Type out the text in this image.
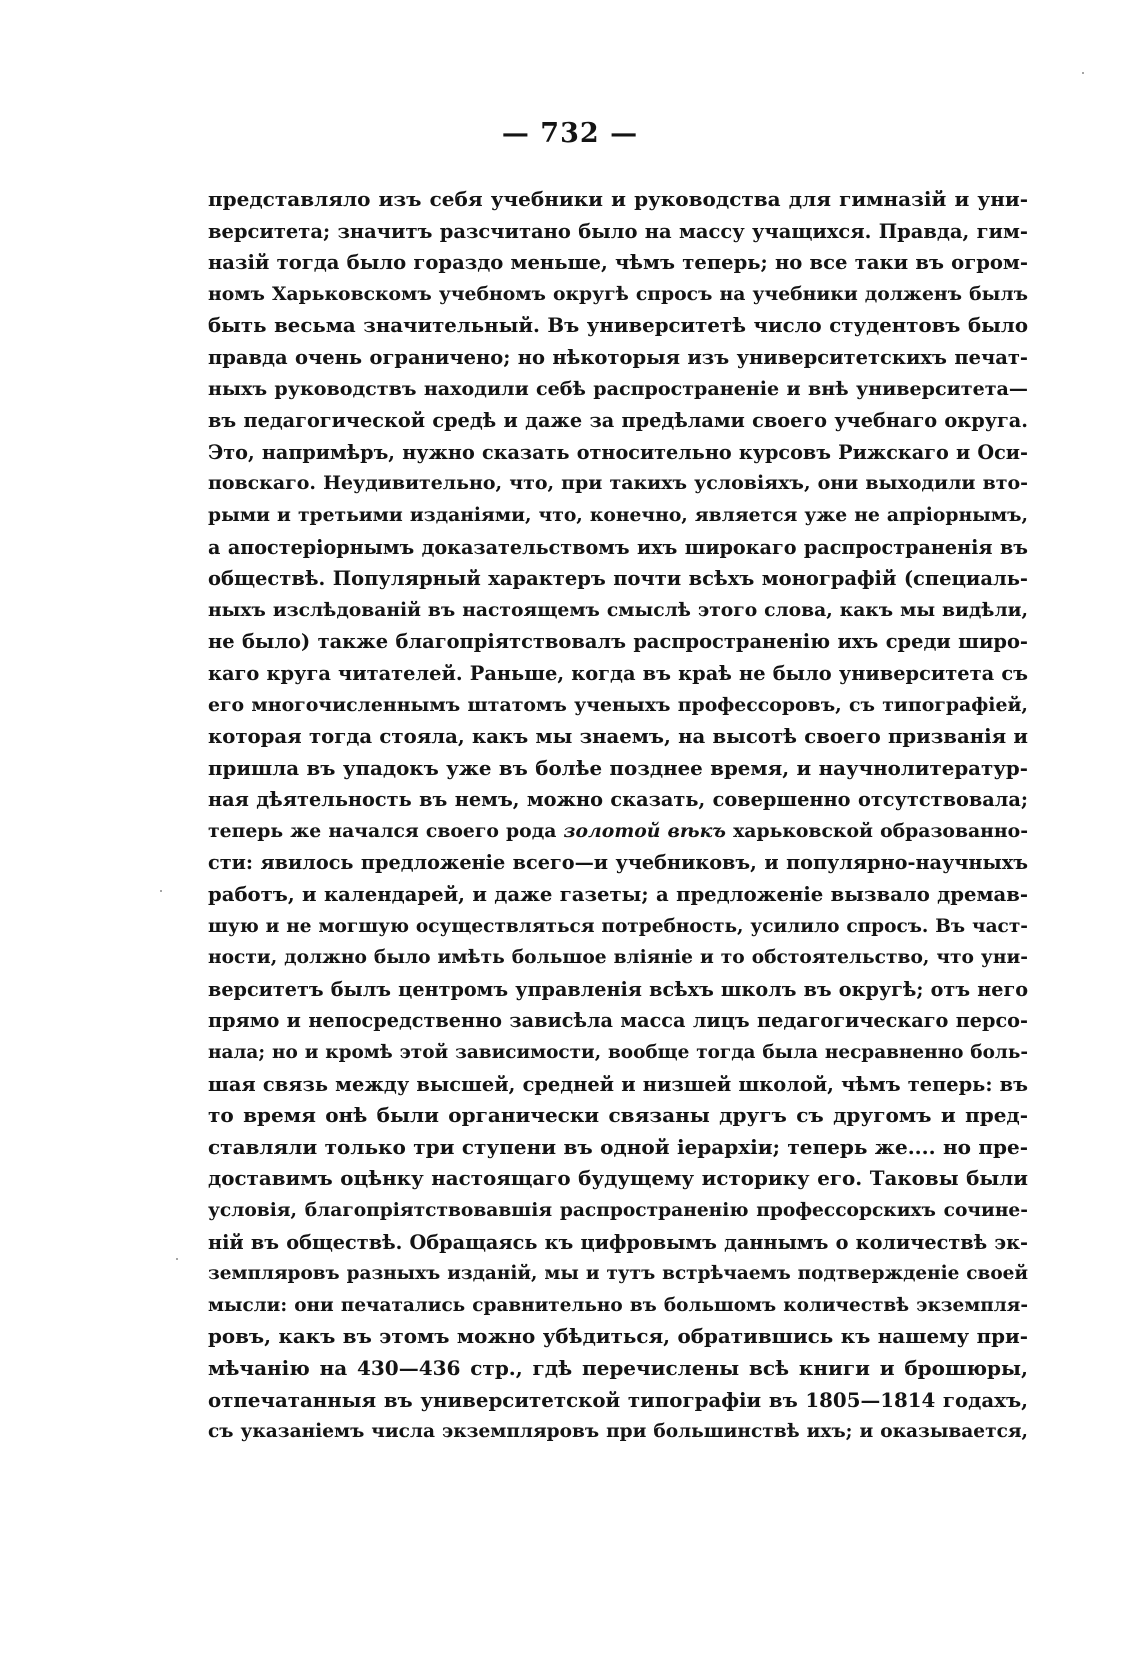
— 732 —
представляло изъ себя учебники и руководства для гимназій и уни-
верситета; значитъ разсчитано было на массу учащихся. Правда, гим-
назій тогда было гораздо меньше, чѣмъ теперь; но все таки въ огром-
номъ Харьковскомъ учебномъ округѣ спросъ на учебники долженъ былъ
быть весьма значительный. Въ университетѣ число студентовъ было
правда очень ограничено; но нѣкоторыя изъ университетскихъ печат-
ныхъ руководствъ находили себѣ распространеніе и внѣ университета—
въ педагогической средѣ и даже за предѣлами своего учебнаго округа.
Это, напримѣръ, нужно сказать относительно курсовъ Рижскаго и Оси-
повскаго. Неудивительно, что, при такихъ условіяхъ, они выходили вто-
рыми и третьими изданіями, что, конечно, является уже не апріорнымъ,
а апостеріорнымъ доказательствомъ ихъ широкаго распространенія въ
обществѣ. Популярный характеръ почти всѣхъ монографій (специаль-
ныхъ изслѣдованій въ настоящемъ смыслѣ этого слова, какъ мы видѣли,
не было) также благопріятствовалъ распространенію ихъ среди широ-
каго круга читателей. Раньше, когда въ краѣ не было университета съ
его многочисленнымъ штатомъ ученыхъ профессоровъ, съ типографіей,
которая тогда стояла, какъ мы знаемъ, на высотѣ своего призванія и
пришла въ упадокъ уже въ болѣе позднее время, и научнолитератур-
ная дѣятельность въ немъ, можно сказать, совершенно отсутствовала;
теперь же начался своего рода золотой вѣкъ харьковской образованно-
сти: явилось предложеніе всего—и учебниковъ, и популярно-научныхъ
работъ, и календарей, и даже газеты; а предложеніе вызвало дремав-
шую и не могшую осуществляться потребность, усилило спросъ. Въ част-
ности, должно было имѣть большое вліяніе и то обстоятельство, что уни-
верситетъ былъ центромъ управленія всѣхъ школъ въ округѣ; отъ него
прямо и непосредственно зависѣла масса лицъ педагогическаго персо-
нала; но и кромѣ этой зависимости, вообще тогда была несравненно боль-
шая связь между высшей, средней и низшей школой, чѣмъ теперь: въ
то время онѣ были органически связаны другъ съ другомъ и пред-
ставляли только три ступени въ одной іерархіи; теперь же.... но пре-
доставимъ оцѣнку настоящаго будущему историку его. Таковы были
условія, благопріятствовавшія распространенію профессорскихъ сочине-
ній въ обществѣ. Обращаясь къ цифровымъ даннымъ о количествѣ эк-
земпляровъ разныхъ изданій, мы и тутъ встрѣчаемъ подтвержденіе своей
мысли: они печатались сравнительно въ большомъ количествѣ экземпля-
ровъ, какъ въ этомъ можно убѣдиться, обратившись къ нашему при-
мѣчанію на 430—436 стр., гдѣ перечислены всѣ книги и брошюры,
отпечатанныя въ университетской типографіи въ 1805—1814 годахъ,
съ указаніемъ числа экземпляровъ при большинствѣ ихъ; и оказывается,
